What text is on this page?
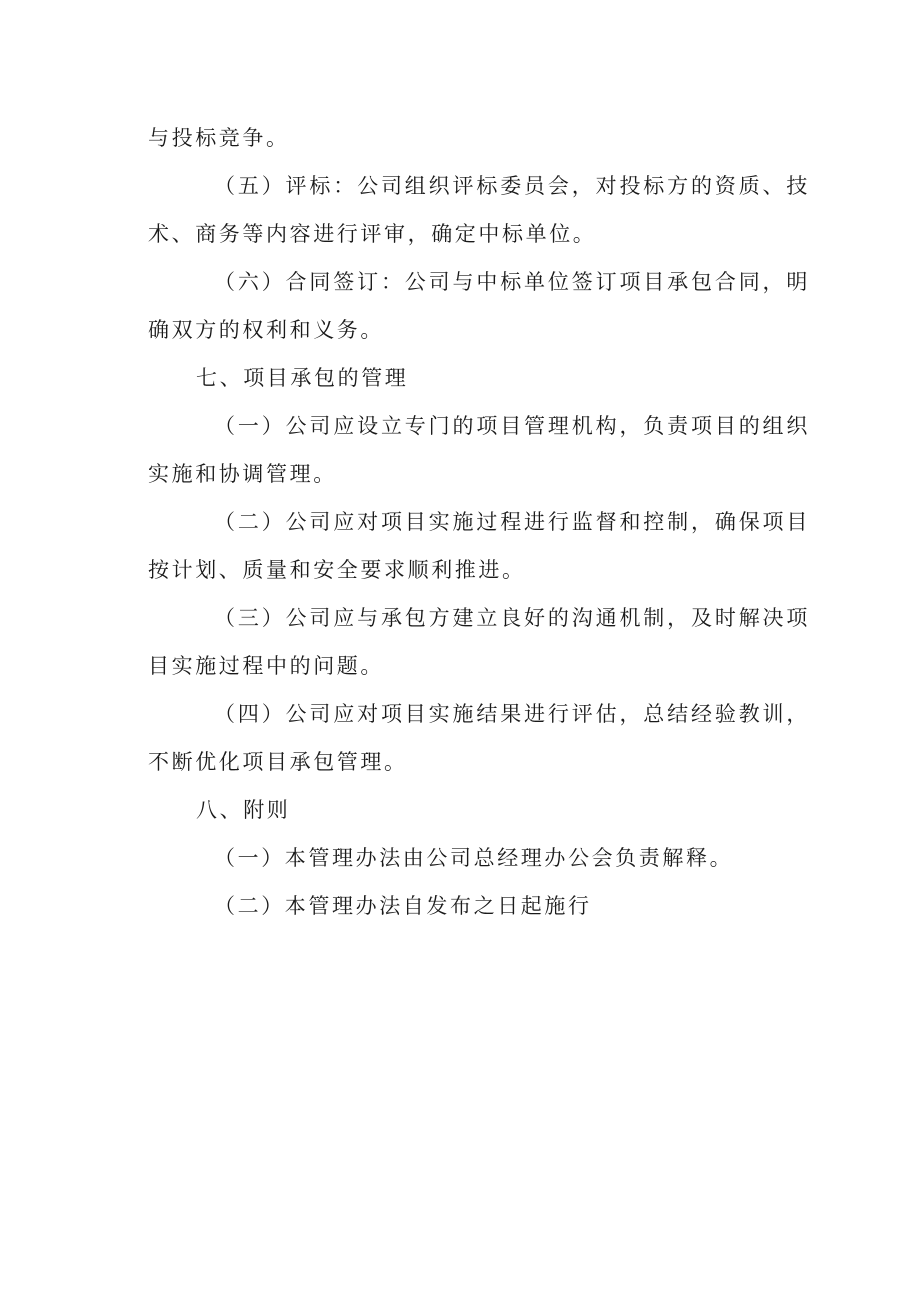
与投标竞争。

（五）评标：公司组织评标委员会，对投标方的资质、技术、商务等内容进行评审，确定中标单位。

（六）合同签订：公司与中标单位签订项目承包合同，明确双方的权利和义务。

七、项目承包的管理

（一）公司应设立专门的项目管理机构，负责项目的组织实施和协调管理。

（二）公司应对项目实施过程进行监督和控制，确保项目按计划、质量和安全要求顺利推进。

（三）公司应与承包方建立良好的沟通机制，及时解决项目实施过程中的问题。

（四）公司应对项目实施结果进行评估，总结经验教训，不断优化项目承包管理。

八、附则

（一）本管理办法由公司总经理办公会负责解释。

（二）本管理办法自发布之日起施行
